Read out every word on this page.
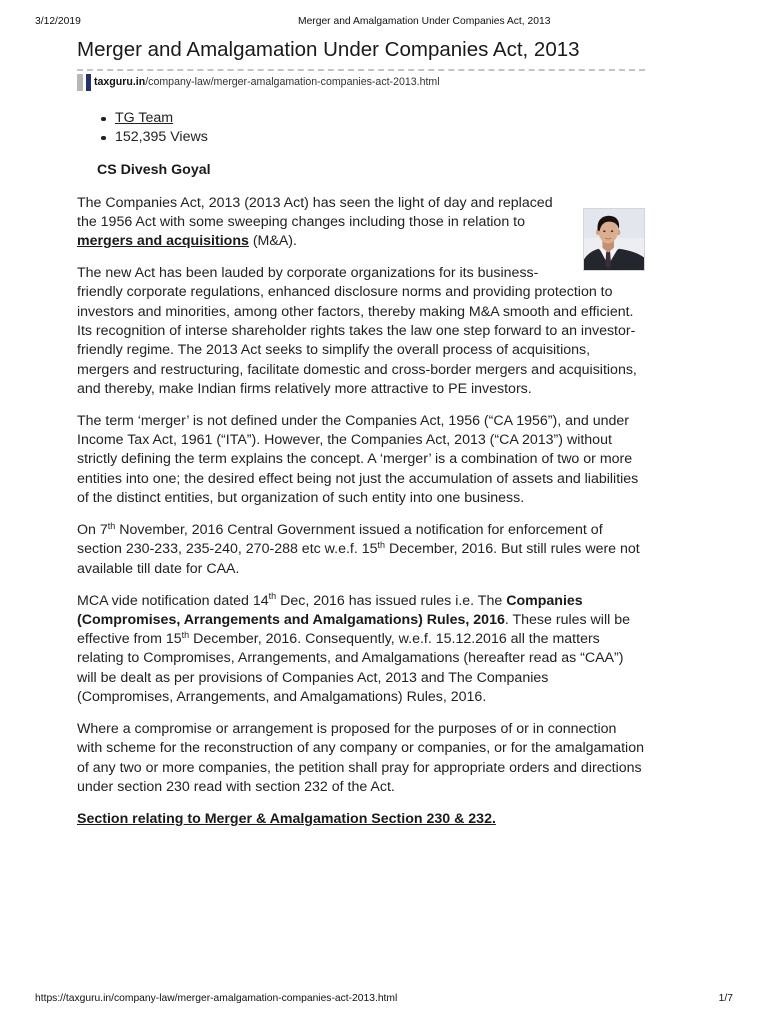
3/12/2019	Merger and Amalgamation Under Companies Act, 2013
Merger and Amalgamation Under Companies Act, 2013
taxguru.in/company-law/merger-amalgamation-companies-act-2013.html
TG Team
152,395 Views
CS Divesh Goyal
The Companies Act, 2013 (2013 Act) has seen the light of day and replaced
the 1956 Act with some sweeping changes including those in relation to
mergers and acquisitions (M&A).
The new Act has been lauded by corporate organizations for its business-
friendly corporate regulations, enhanced disclosure norms and providing protection to
investors and minorities, among other factors, thereby making M&A smooth and efficient.
Its recognition of interse shareholder rights takes the law one step forward to an investor-
friendly regime. The 2013 Act seeks to simplify the overall process of acquisitions,
mergers and restructuring, facilitate domestic and cross-border mergers and acquisitions,
and thereby, make Indian firms relatively more attractive to PE investors.
The term ‘merger’ is not defined under the Companies Act, 1956 (“CA 1956”), and under
Income Tax Act, 1961 (“ITA”). However, the Companies Act, 2013 (“CA 2013”) without
strictly defining the term explains the concept. A ‘merger’ is a combination of two or more
entities into one; the desired effect being not just the accumulation of assets and liabilities
of the distinct entities, but organization of such entity into one business.
On 7th November, 2016 Central Government issued a notification for enforcement of
section 230-233, 235-240, 270-288 etc w.e.f. 15th December, 2016. But still rules were not
available till date for CAA.
MCA vide notification dated 14th Dec, 2016 has issued rules i.e. The Companies
(Compromises, Arrangements and Amalgamations) Rules, 2016. These rules will be
effective from 15th December, 2016. Consequently, w.e.f. 15.12.2016 all the matters
relating to Compromises, Arrangements, and Amalgamations (hereafter read as “CAA”)
will be dealt as per provisions of Companies Act, 2013 and The Companies
(Compromises, Arrangements, and Amalgamations) Rules, 2016.
Where a compromise or arrangement is proposed for the purposes of or in connection
with scheme for the reconstruction of any company or companies, or for the amalgamation
of any two or more companies, the petition shall pray for appropriate orders and directions
under section 230 read with section 232 of the Act.
Section relating to Merger & Amalgamation Section 230 & 232.
https://taxguru.in/company-law/merger-amalgamation-companies-act-2013.html	1/7
